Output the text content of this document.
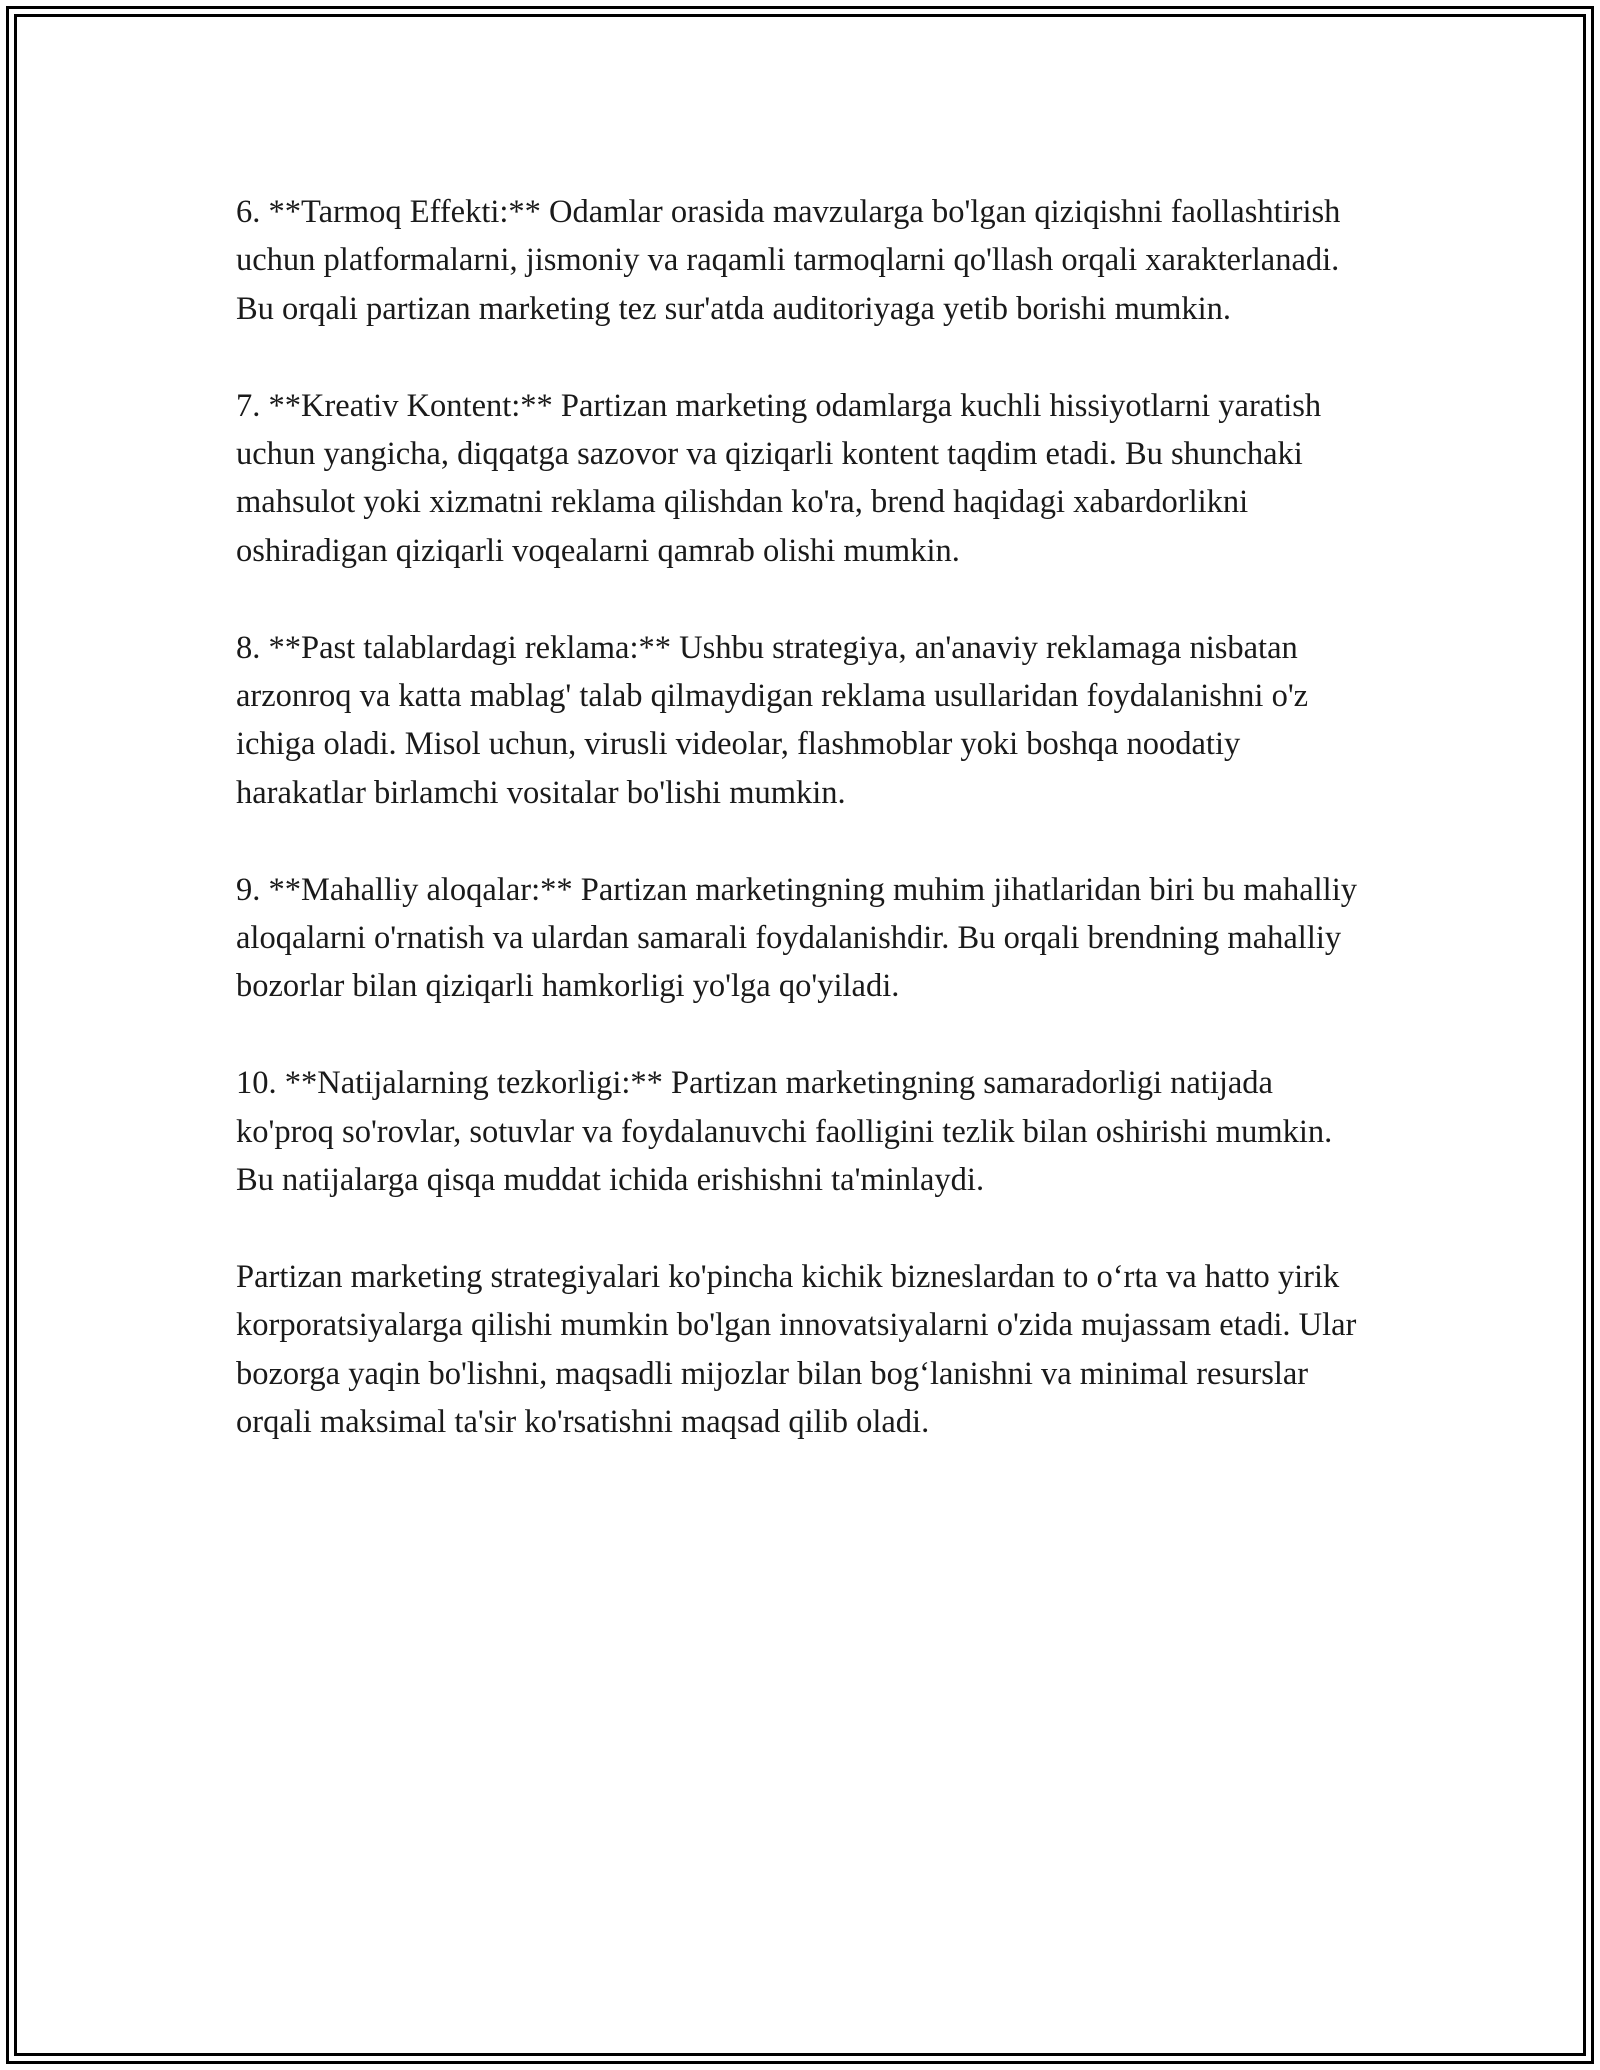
6. **Tarmoq Effekti:** Odamlar orasida mavzularga bo'lgan qiziqishni faollashtirish uchun platformalarni, jismoniy va raqamli tarmoqlarni qo'llash orqali xarakterlanadi. Bu orqali partizan marketing tez sur'atda auditoriyaga yetib borishi mumkin.

7. **Kreativ Kontent:** Partizan marketing odamlarga kuchli hissiyotlarni yaratish uchun yangicha, diqqatga sazovor va qiziqarli kontent taqdim etadi. Bu shunchaki mahsulot yoki xizmatni reklama qilishdan ko'ra, brend haqidagi xabardorlikni oshiradigan qiziqarli voqealarni qamrab olishi mumkin.

8. **Past talablardagi reklama:** Ushbu strategiya, an'anaviy reklamaga nisbatan arzonroq va katta mablag' talab qilmaydigan reklama usullaridan foydalanishni o'z ichiga oladi. Misol uchun, virusli videolar, flashmoblar yoki boshqa noodatiy harakatlar birlamchi vositalar bo'lishi mumkin.

9. **Mahalliy aloqalar:** Partizan marketingning muhim jihatlaridan biri bu mahalliy aloqalarni o'rnatish va ulardan samarali foydalanishdir. Bu orqali brendning mahalliy bozorlar bilan qiziqarli hamkorligi yo'lga qo'yiladi.

10. **Natijalarning tezkorligi:** Partizan marketingning samaradorligi natijada ko'proq so'rovlar, sotuvlar va foydalanuvchi faolligini tezlik bilan oshirishi mumkin. Bu natijalarga qisqa muddat ichida erishishni ta'minlaydi.

Partizan marketing strategiyalari ko'pincha kichik bizneslardan to o‘rta va hatto yirik korporatsiyalarga qilishi mumkin bo'lgan innovatsiyalarni o'zida mujassam etadi. Ular bozorga yaqin bo'lishni, maqsadli mijozlar bilan bog‘lanishni va minimal resurslar orqali maksimal ta'sir ko'rsatishni maqsad qilib oladi.
